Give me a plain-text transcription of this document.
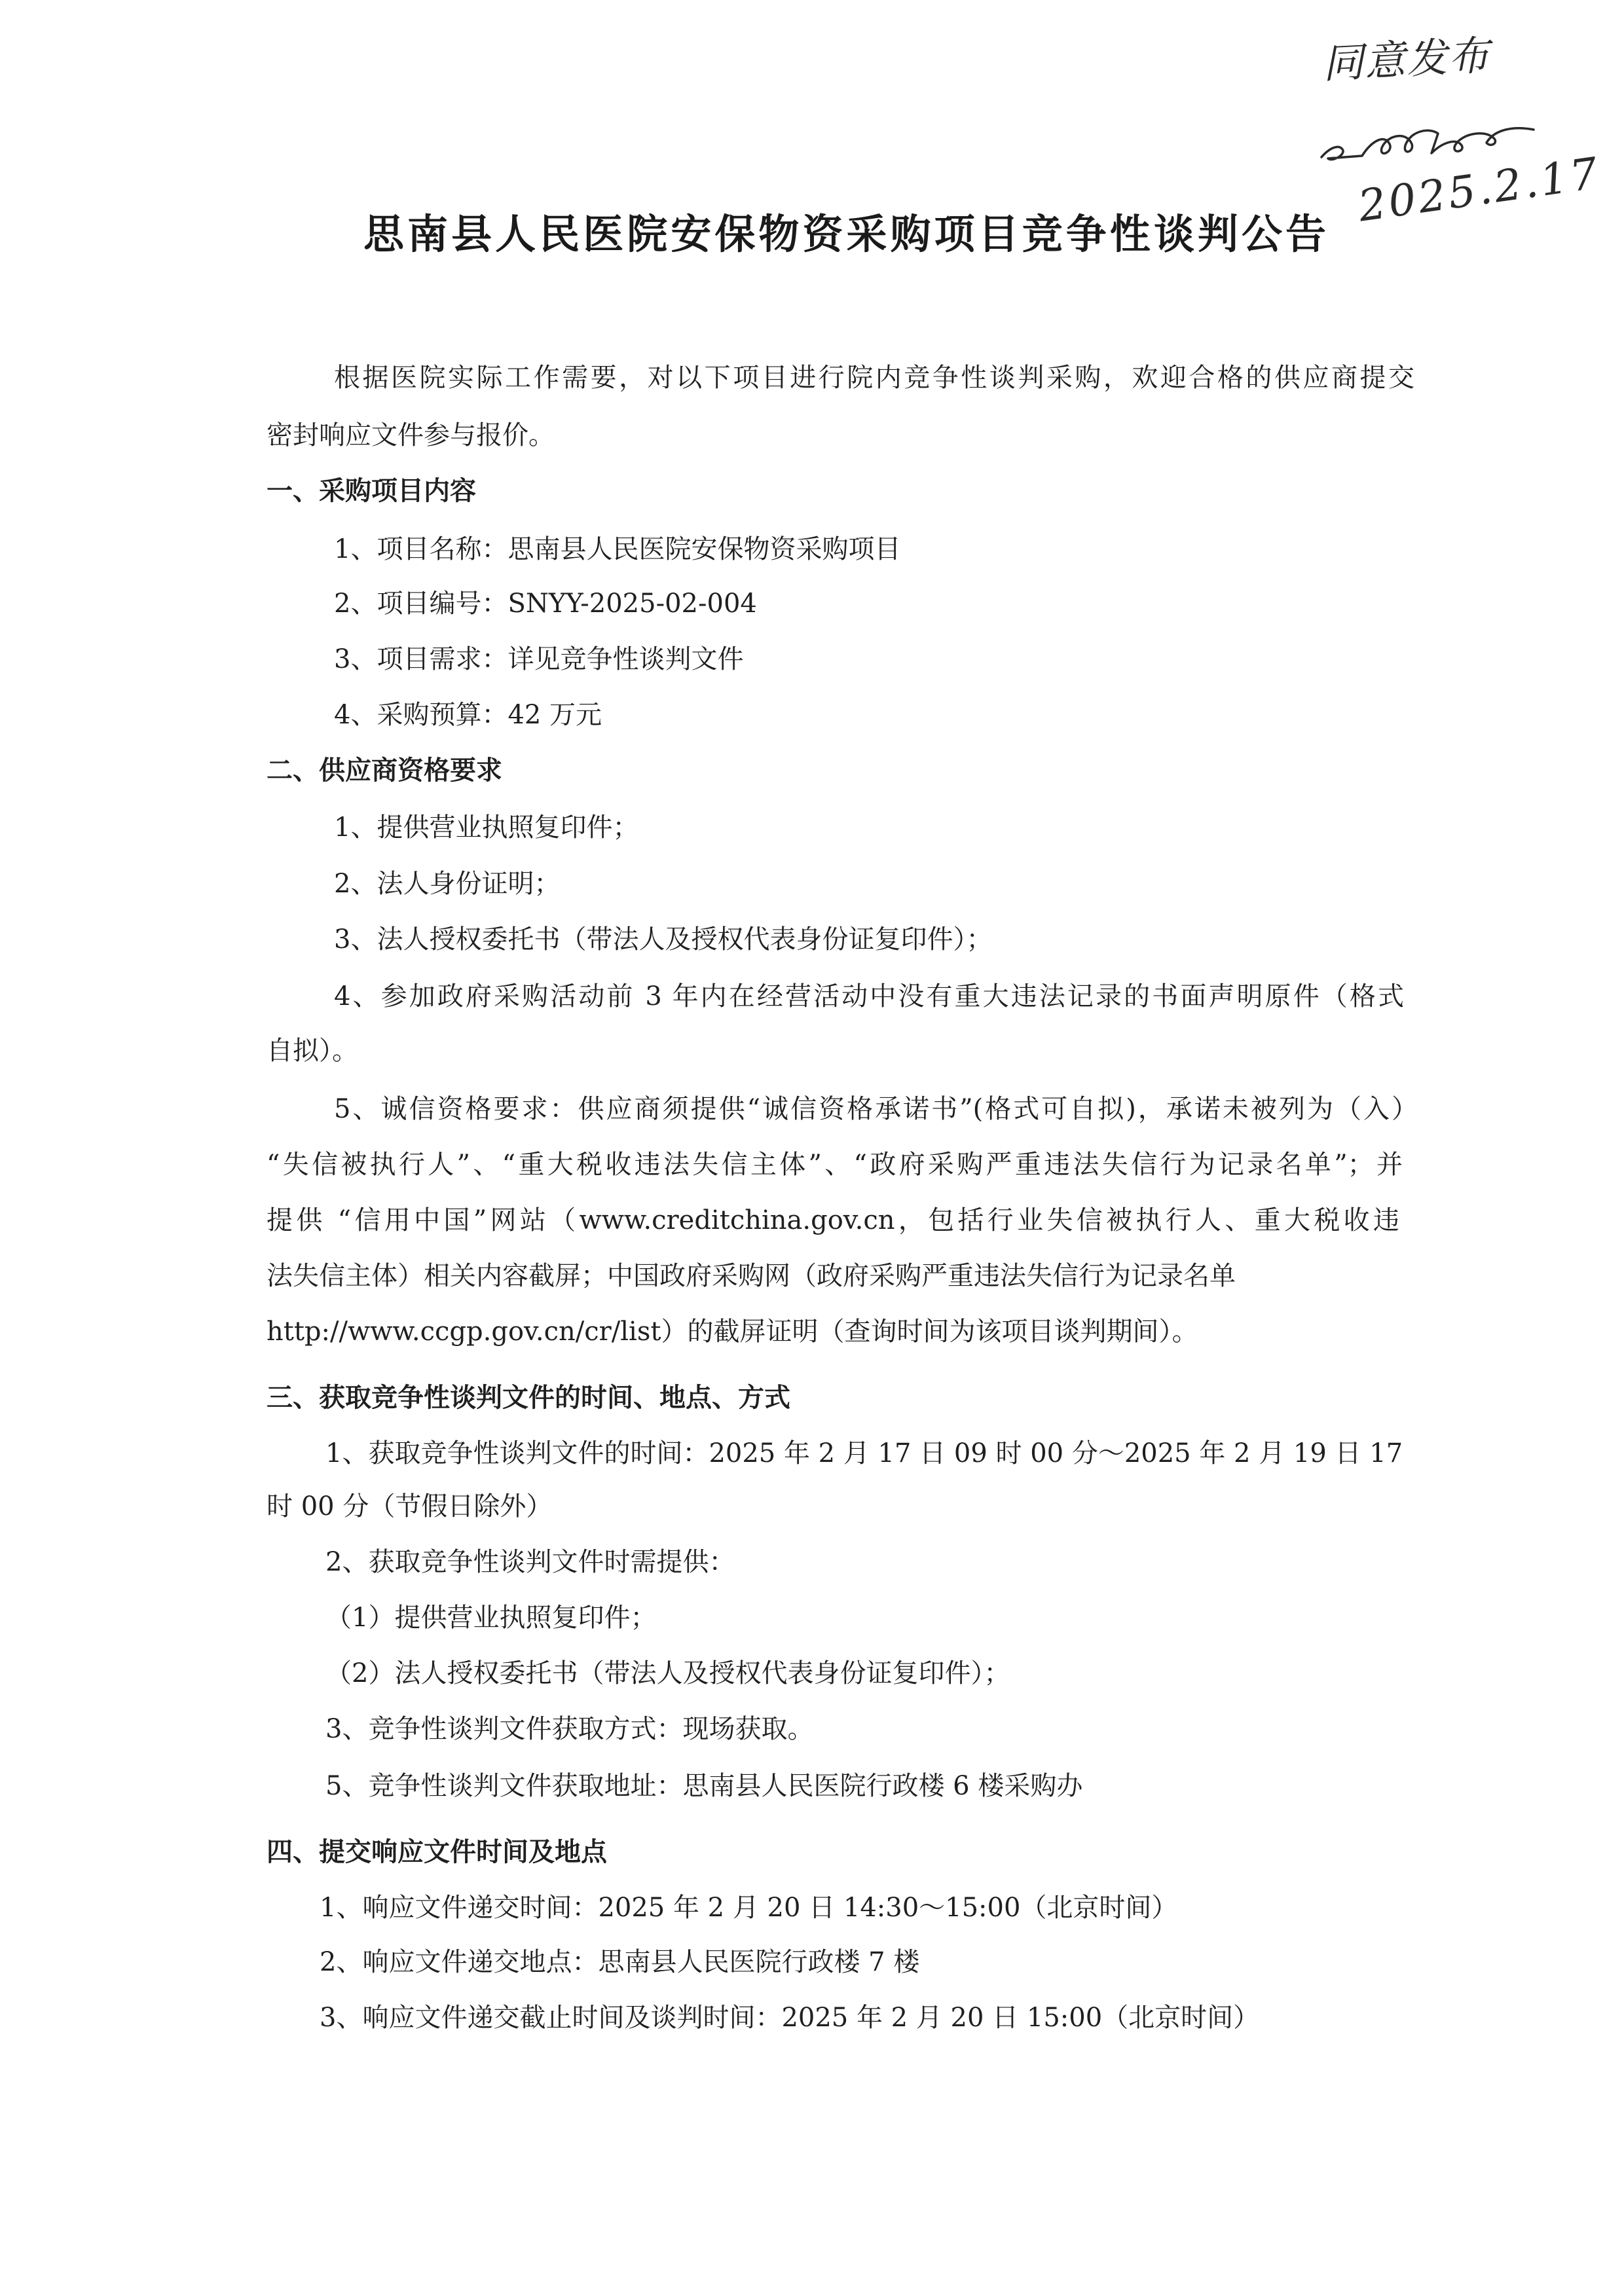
同意发布
2025.2.17
思南县人民医院安保物资采购项目竞争性谈判公告
根据医院实际工作需要，对以下项目进行院内竞争性谈判采购，欢迎合格的供应商提交
密封响应文件参与报价。
一、采购项目内容
1、项目名称：思南县人民医院安保物资采购项目
2、项目编号：SNYY-2025-02-004
3、项目需求：详见竞争性谈判文件
4、采购预算：42 万元
二、供应商资格要求
1、提供营业执照复印件；
2、法人身份证明；
3、法人授权委托书（带法人及授权代表身份证复印件）；
4、参加政府采购活动前 3 年内在经营活动中没有重大违法记录的书面声明原件（格式
自拟）。
5、诚信资格要求：供应商须提供“诚信资格承诺书”(格式可自拟)，承诺未被列为（入）
“失信被执行人”、“重大税收违法失信主体”、“政府采购严重违法失信行为记录名单”；并
提供 “信用中国”网站（www.creditchina.gov.cn，包括行业失信被执行人、重大税收违
法失信主体）相关内容截屏；中国政府采购网（政府采购严重违法失信行为记录名单
http://www.ccgp.gov.cn/cr/list）的截屏证明（查询时间为该项目谈判期间）。
三、获取竞争性谈判文件的时间、地点、方式
1、获取竞争性谈判文件的时间：2025 年 2 月 17 日 09 时 00 分～2025 年 2 月 19 日 17
时 00 分（节假日除外）
2、获取竞争性谈判文件时需提供：
（1）提供营业执照复印件；
（2）法人授权委托书（带法人及授权代表身份证复印件）；
3、竞争性谈判文件获取方式：现场获取。
5、竞争性谈判文件获取地址：思南县人民医院行政楼 6 楼采购办
四、提交响应文件时间及地点
1、响应文件递交时间：2025 年 2 月 20 日 14:30～15:00（北京时间）
2、响应文件递交地点：思南县人民医院行政楼 7 楼
3、响应文件递交截止时间及谈判时间：2025 年 2 月 20 日 15:00（北京时间）
